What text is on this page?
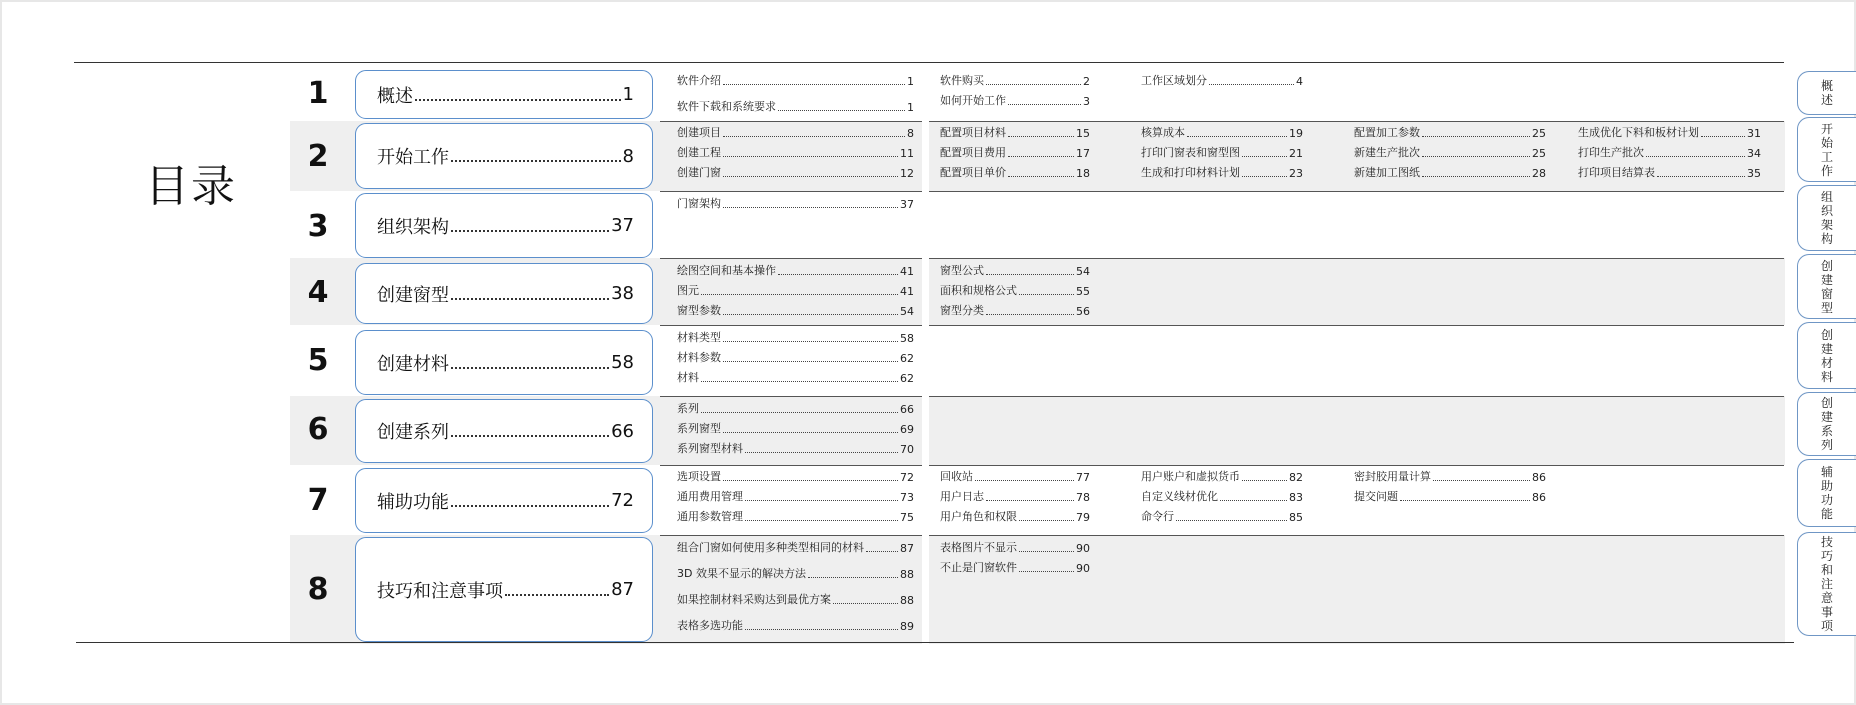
目录
1	概述	1
2	开始工作	8
3	组织架构	37
4	创建窗型	38
5	创建材料	58
6	创建系列	66
7	辅助功能	72
8	技巧和注意事项	87
软件介绍	1
软件下载和系统要求	1
软件购买	2
如何开始工作	3
工作区域划分	4
创建项目	8
创建工程	11
创建门窗	12
配置项目材料	15
配置项目费用	17
配置项目单价	18
核算成本	19
打印门窗表和窗型图	21
生成和打印材料计划	23
配置加工参数	25
新建生产批次	25
新建加工图纸	28
生成优化下料和板材计划	31
打印生产批次	34
打印项目结算表	35
门窗架构	37
绘图空间和基本操作	41
图元	41
窗型参数	54
窗型公式	54
面积和规格公式	55
窗型分类	56
材料类型	58
材料参数	62
材料	62
系列	66
系列窗型	69
系列窗型材料	70
选项设置	72
通用费用管理	73
通用参数管理	75
回收站	77
用户日志	78
用户角色和权限	79
用户账户和虚拟货币	82
自定义线材优化	83
命令行	85
密封胶用量计算	86
提交问题	86
组合门窗如何使用多种类型相同的材料	87
3D 效果不显示的解决方法	88
如果控制材料采购达到最优方案	88
表格多选功能	89
表格图片不显示	90
不止是门窗软件	90
概述
开始工作
组织架构
创建窗型
创建材料
创建系列
辅助功能
技巧和注意事项
